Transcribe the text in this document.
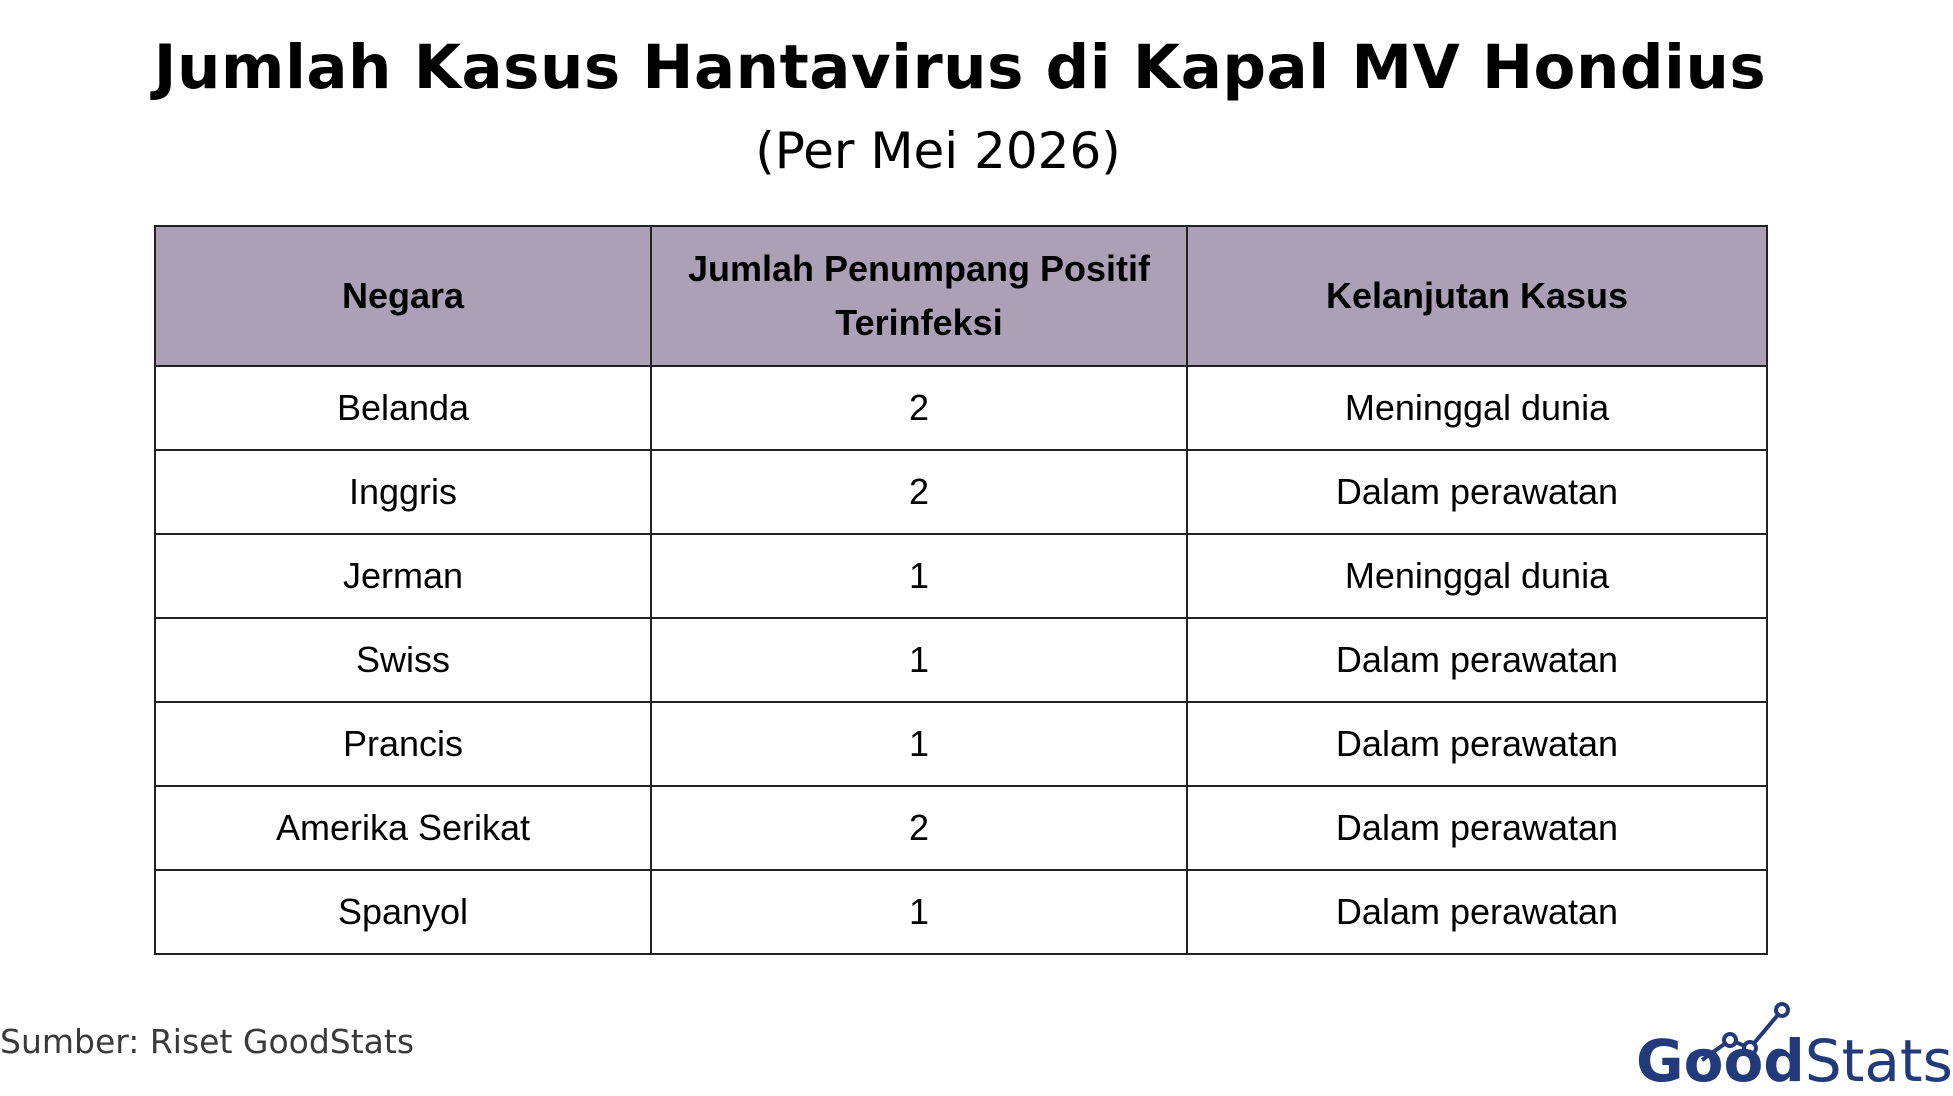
Jumlah Kasus Hantavirus di Kapal MV Hondius
(Per Mei 2026)
Negara	Jumlah Penumpang Positif Terinfeksi	Kelanjutan Kasus
Belanda	2	Meninggal dunia
Inggris	2	Dalam perawatan
Jerman	1	Meninggal dunia
Swiss	1	Dalam perawatan
Prancis	1	Dalam perawatan
Amerika Serikat	2	Dalam perawatan
Spanyol	1	Dalam perawatan
Sumber: Riset GoodStats	GoodStats
